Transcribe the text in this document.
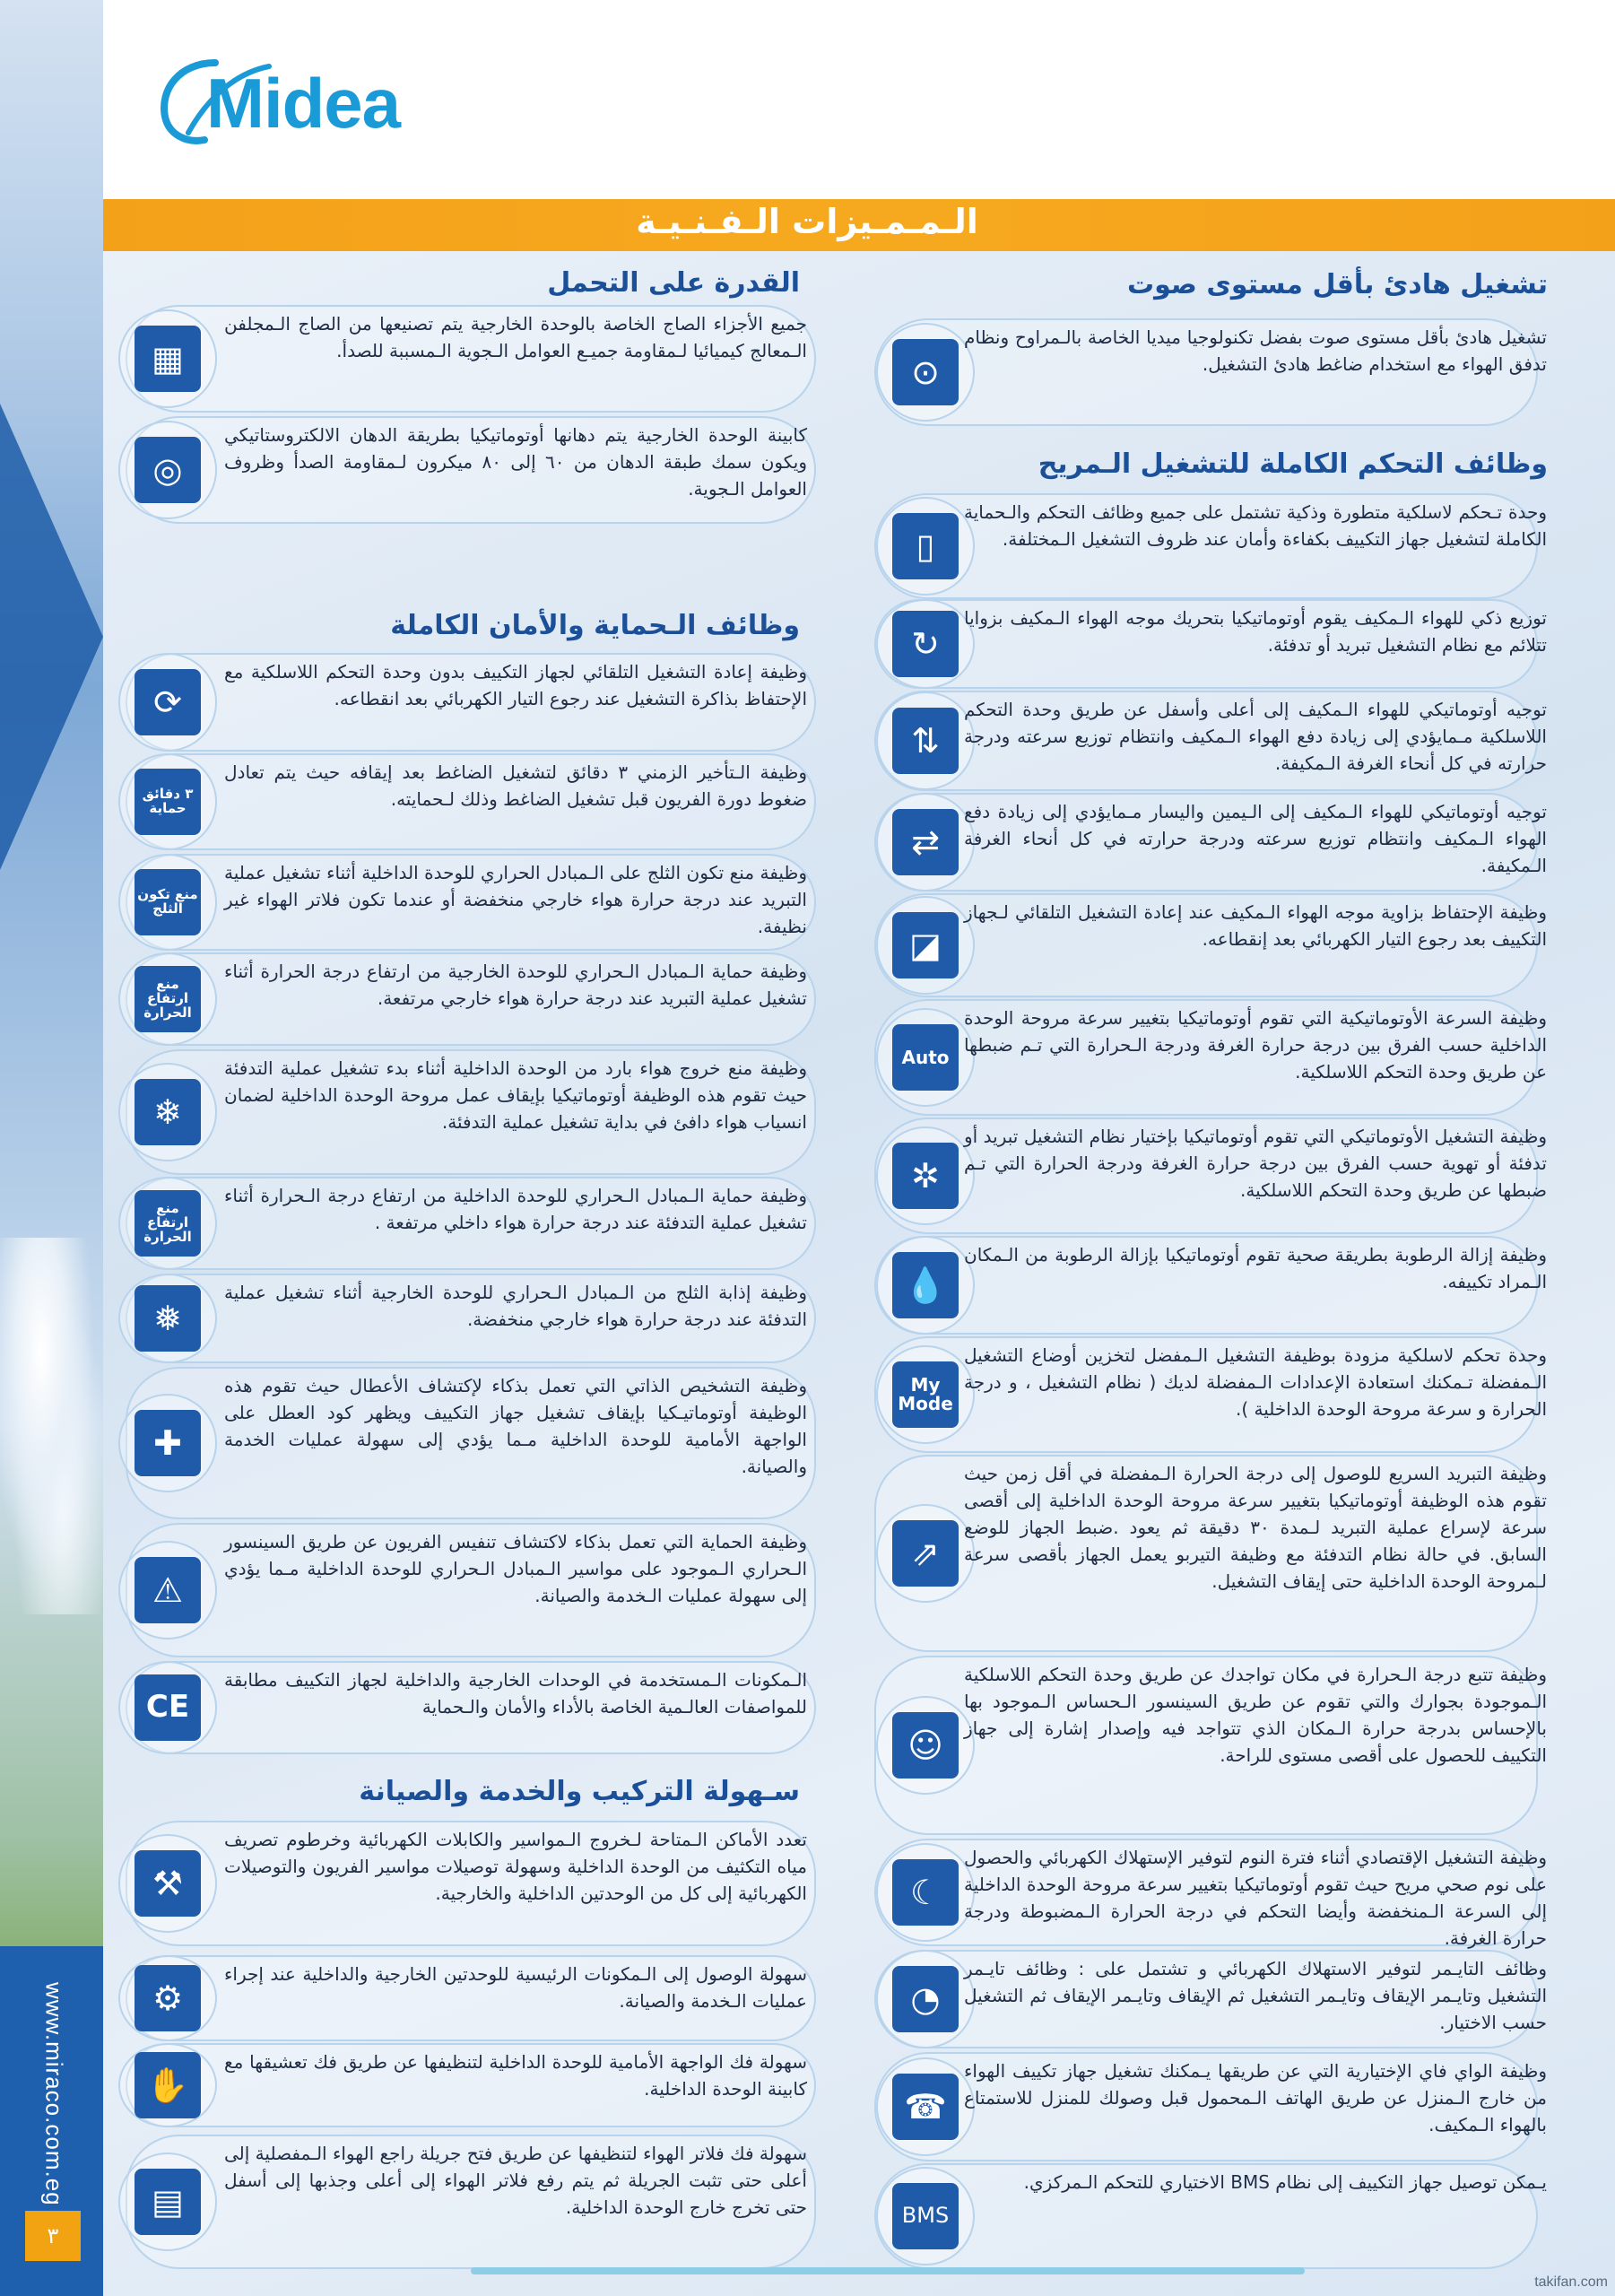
www.miraco.com.eg
٣
Midea
الـمـمـيزات الـفـنـيـة
تشغيل هادئ بأقل مستوى صوت
⊙
تشغيل هادئ بأقل مستوى صوت بفضل تكنولوجيا ميديا الخاصة بالـمراوح ونظام تدفق الهواء مع استخدام ضاغط هادئ التشغيل.
وظائف التحكم الكاملة للتشغيل الـمريح
▯
وحدة تـحكم لاسلكية متطورة وذكية تشتمل على جميع وظائف التحكم والـحماية الكاملة لتشغيل جهاز التكييف بكفاءة وأمان عند ظروف التشغيل الـمختلفة.
↻
توزيع ذكي للهواء الـمكيف يقوم أوتوماتيكيا بتحريك موجه الهواء الـمكيف بزوايا تتلائم مع نظام التشغيل تبريد أو تدفئة.
⇅
توجيه أوتوماتيكي للهواء الـمكيف إلى أعلى وأسفل عن طريق وحدة التحكم اللاسلكية مـمايؤدي إلى زيادة دفع الهواء الـمكيف وانتظام توزيع سرعته ودرجة حرارته في كل أنحاء الغرفة الـمكيفة.
⇄
توجيه أوتوماتيكي للهواء الـمكيف إلى الـيمين واليسار مـمايؤدي إلى زيادة دفع الهواء الـمكيف وانتظام توزيع سرعته ودرجة حرارته في كل أنحاء الغرفة الـمكيفة.
◪
وظيفة الإحتفاظ بزاوية موجه الهواء الـمكيف عند إعادة التشغيل التلقائي لـجهاز التكييف بعد رجوع التيار الكهربائي بعد إنقطاعه.
Auto
وظيفة السرعة الأوتوماتيكية التي تقوم أوتوماتيكيا بتغيير سرعة مروحة الوحدة الداخلية حسب الفرق بين درجة حرارة الغرفة ودرجة الـحرارة التي تـم ضبطها عن طريق وحدة التحكم اللاسلكية.
✲
وظيفة التشغيل الأوتوماتيكي التي تقوم أوتوماتيكيا بإختيار نظام التشغيل تبريد أو تدفئة أو تهوية حسب الفرق بين درجة حرارة الغرفة ودرجة الحرارة التي تـم ضبطها عن طريق وحدة التحكم اللاسلكية.
💧
وظيفة إزالة الرطوبة بطريقة صحية تقوم أوتوماتيكيا بإزالة الرطوبة من الـمكان الـمراد تكييفه.
My Mode
وحدة تحكم لاسلكية مزودة بوظيفة التشغيل الـمفضل لتخزين أوضاع التشغيل الـمفضلة تـمكنك استعادة الإعدادات الـمفضلة لديك ( نظام التشغيل ، و درجة الحرارة و سرعة مروحة الوحدة الداخلية ).
⇗
وظيفة التبريد السريع للوصول إلى درجة الحرارة الـمفضلة في أقل زمن حيث تقوم هذه الوظيفة أوتوماتيكيا بتغيير سرعة مروحة الوحدة الداخلية إلى أقصى سرعة لإسراع عملية التبريد لـمدة ٣٠ دقيقة ثم يعود .ضبط الجهاز للوضع السابق. في حالة نظام التدفئة مع وظيفة التيربو يعمل الجهاز بأقصى سرعة لـمروحة الوحدة الداخلية حتى إيقاف التشغيل.
☺
وظيفة تتبع درجة الـحرارة في مكان تواجدك عن طريق وحدة التحكم اللاسلكية الـموجودة بجوارك والتي تقوم عن طريق السينسور الـحساس الـموجود بها بالإحساس بدرجة حرارة الـمكان الذي تتواجد فيه وإصدار إشارة إلى جهاز التكييف للحصول على أقصى مستوى للراحة.
☾
وظيفة التشغيل الإقتصادي أثناء فترة النوم لتوفير الإستهلاك الكهربائي والحصول على نوم صحي مريح حيث تقوم أوتوماتيكيا بتغيير سرعة مروحة الوحدة الداخلية إلى السرعة الـمنخفضة وأيضا التحكم في درجة الحرارة الـمضبوطة ودرجة حرارة الغرفة.
◔
وظائف التايـمر لتوفير الاستهلاك الكهربائي و تشتمل على : وظائف تايـمر التشغيل وتايـمر الإيقاف وتايـمر التشغيل ثم الإيقاف وتايـمر الإيقاف ثم التشغيل حسب الاختيار.
☎
وظيفة الواي فاي الإختيارية التي عن طريقها يـمكنك تشغيل جهاز تكييف الهواء من خارج الـمنزل عن طريق الهاتف الـمحمول قبل وصولك للمنزل للاستمتاع بالهواء الـمكيف.
BMS
يـمكن توصيل جهاز التكييف إلى نظام BMS الاختياري للتحكم الـمركزي.
القدرة على التحمل
▦
جميع الأجزاء الصاج الخاصة بالوحدة الخارجية يتم تصنيعها من الصاج الـمجلفن الـمعالج كيميائيا لـمقاومة جميـع العوامل الـجوية الـمسببة للصدأ.
◎
كابينة الوحدة الخارجية يتم دهانها أوتوماتيكيا بطريقة الدهان الالكتروستاتيكي ويكون سمك طبقة الدهان من ٦٠ إلى ٨٠ ميكرون لـمقاومة الصدأ وظروف العوامل الـجوية.
وظائف الـحماية والأمان الكاملة
⟳
وظيفة إعادة التشغيل التلقائي لجهاز التكييف بدون وحدة التحكم اللاسلكية مع الإحتفاظ بذاكرة التشغيل عند رجوع التيار الكهربائي بعد انقطاعه.
٣ دقائق حماية
وظيفة الـتأخير الزمني ٣ دقائق لتشغيل الضاغط بعد إيقافه حيث يتم تعادل ضغوط دورة الفريون قبل تشغيل الضاغط وذلك لـحمايته.
منع تكون الثلج
وظيفة منع تكون الثلج على الـمبادل الحراري للوحدة الداخلية أثناء تشغيل عملية التبريد عند درجة حرارة هواء خارجي منخفضة أو عندما تكون فلاتر الهواء غير نظيفة.
منع ارتفاع الحرارة
وظيفة حماية الـمبادل الـحراري للوحدة الخارجية من ارتفاع درجة الحرارة أثناء تشغيل عملية التبريد عند درجة حرارة هواء خارجي مرتفعة.
❄
وظيفة منع خروج هواء بارد من الوحدة الداخلية أثناء بدء تشغيل عملية التدفئة حيث تقوم هذه الوظيفة أوتوماتيكيا بإيقاف عمل مروحة الوحدة الداخلية لضمان انسياب هواء دافئ في بداية تشغيل عملية التدفئة.
منع ارتفاع الحرارة
وظيفة حماية الـمبادل الـحراري للوحدة الداخلية من ارتفاع درجة الـحرارة أثناء تشغيل عملية التدفئة عند درجة حرارة هواء داخلي مرتفعة .
❅
وظيفة إذابة الثلج من الـمبادل الـحراري للوحدة الخارجية أثناء تشغيل عملية التدفئة عند درجة حرارة هواء خارجي منخفضة.
✚
وظيفة التشخيص الذاتي التي تعمل بذكاء لإكتشاف الأعطال حيث تقوم هذه الوظيفة أوتوماتيـكيا بإيقاف تشغيل جهاز التكييف ويظهر كود العطل على الواجهة الأمامية للوحدة الداخلية مـما يؤدي إلى سهولة عمليات الخدمة والصيانة.
⚠
وظيفة الحماية التي تعمل بذكاء لاكتشاف تنفيس الفريون عن طريق السينسور الـحراري الـموجود على مواسير الـمبادل الـحراري للوحدة الداخلية مـما يؤدي إلى سهولة عمليات الـخدمة والصيانة.
CE
الـمكونات الـمستخدمة في الوحدات الخارجية والداخلية لجهاز التكييف مطابقة للمواصفات العالـمية الخاصة بالأداء والأمان والـحماية
سـهولة التركيب والخدمة والصيانة
⚒
تعدد الأماكن الـمتاحة لـخروج الـمواسير والكابلات الكهربائية وخرطوم تصريف مياه التكثيف من الوحدة الداخلية وسهولة توصيلات مواسير الفريون والتوصيلات الكهربائية إلى كل من الوحدتين الداخلية والخارجية.
⚙
سهولة الوصول إلى الـمكونات الرئيسية للوحدتين الخارجية والداخلية عند إجراء عمليات الـخدمة والصيانة.
✋
سهولة فك الواجهة الأمامية للوحدة الداخلية لتنظيفها عن طريق فك تعشيقها مع كابينة الوحدة الداخلية.
▤
سهولة فك فلاتر الهواء لتنظيفها عن طريق فتح جريلة راجع الهواء الـمفصلية إلى أعلى حتى تثبت الجريلة ثم يتم رفع فلاتر الهواء إلى أعلى وجذبها إلى أسفل حتى تخرج خارج الوحدة الداخلية.
takifan.com
